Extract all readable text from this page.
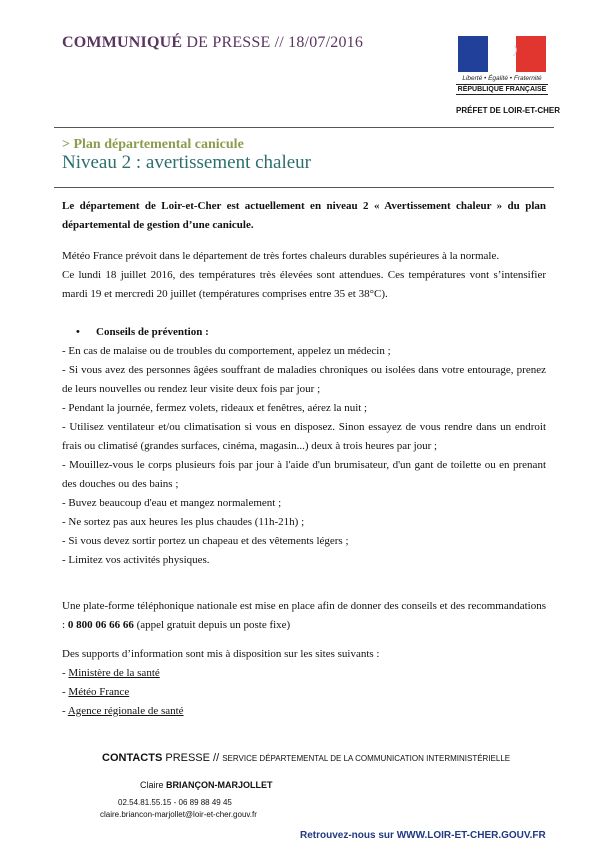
COMMUNIQUÉ DE PRESSE // 18/07/2016
Liberté • Égalité • Fraternité
RÉPUBLIQUE FRANÇAISE
PRÉFET DE LOIR-ET-CHER
> Plan départemental canicule
Niveau 2 : avertissement chaleur
Le département de Loir-et-Cher est actuellement en niveau 2 « Avertissement chaleur » du plan départemental de gestion d’une canicule.

Météo France prévoit dans le département de très fortes chaleurs durables supérieures à la normale.

Ce lundi 18 juillet 2016, des températures très élevées sont attendues. Ces températures vont s’intensifier mardi 19 et mercredi 20 juillet (températures comprises entre 35 et 38°C).

• Conseils de prévention :
- En cas de malaise ou de troubles du comportement, appelez un médecin ;
- Si vous avez des personnes âgées souffrant de maladies chroniques ou isolées dans votre entourage, prenez de leurs nouvelles ou rendez leur visite deux fois par jour ;
- Pendant la journée, fermez volets, rideaux et fenêtres, aérez la nuit ;
- Utilisez ventilateur et/ou climatisation si vous en disposez. Sinon essayez de vous rendre dans un endroit frais ou climatisé (grandes surfaces, cinéma, magasin...) deux à trois heures par jour ;
- Mouillez-vous le corps plusieurs fois par jour à l'aide d'un brumisateur, d'un gant de toilette ou en prenant des douches ou des bains ;
- Buvez beaucoup d'eau et mangez normalement ;
- Ne sortez pas aux heures les plus chaudes (11h-21h) ;
- Si vous devez sortir portez un chapeau et des vêtements légers ;
- Limitez vos activités physiques.
Une plate-forme téléphonique nationale est mise en place afin de donner des conseils et des recommandations : 0 800 06 66 66 (appel gratuit depuis un poste fixe)
Des supports d’information sont mis à disposition sur les sites suivants :
- Ministère de la santé
- Météo France
- Agence régionale de santé
CONTACTS PRESSE // SERVICE DÉPARTEMENTAL DE LA COMMUNICATION INTERMINISTÉRIELLE
Claire BRIANÇON-MARJOLLET
02.54.81.55.15 - 06 89 88 49 45
claire.briancon-marjollet@loir-et-cher.gouv.fr
Retrouvez-nous sur WWW.LOIR-ET-CHER.GOUV.FR
